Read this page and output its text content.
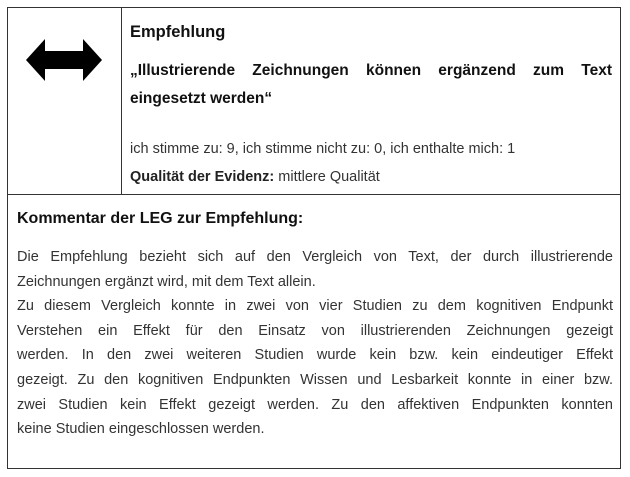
Empfehlung
„Illustrierende Zeichnungen können ergänzend zum Text
eingesetzt werden“
ich stimme zu: 9, ich stimme nicht zu: 0, ich enthalte mich: 1
Qualität der Evidenz: mittlere Qualität
Kommentar der LEG zur Empfehlung:
Die Empfehlung bezieht sich auf den Vergleich von Text, der durch illustrierende
Zeichnungen ergänzt wird, mit dem Text allein.
Zu diesem Vergleich konnte in zwei von vier Studien zu dem kognitiven Endpunkt
Verstehen ein Effekt für den Einsatz von illustrierenden Zeichnungen gezeigt
werden. In den zwei weiteren Studien wurde kein bzw. kein eindeutiger Effekt
gezeigt. Zu den kognitiven Endpunkten Wissen und Lesbarkeit konnte in einer bzw.
zwei Studien kein Effekt gezeigt werden. Zu den affektiven Endpunkten konnten
keine Studien eingeschlossen werden.
